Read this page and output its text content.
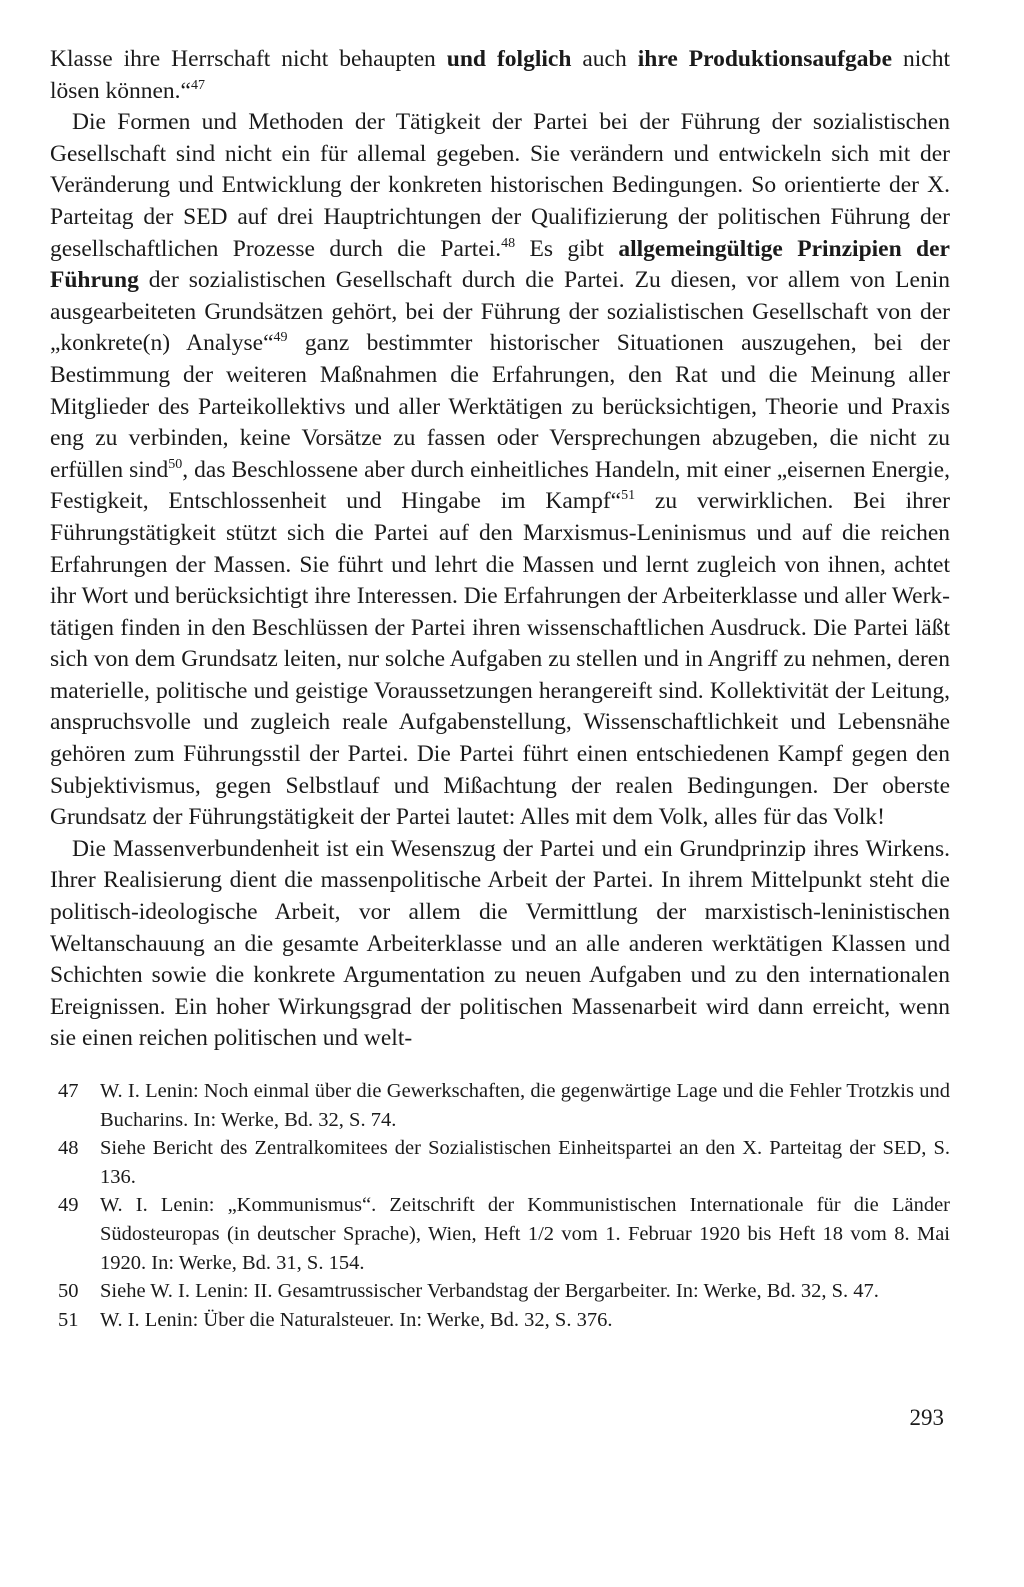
Klasse ihre Herrschaft nicht behaupten und folglich auch ihre Produktionsaufgabe nicht lösen können.“$^{47}$

Die Formen und Methoden der Tätigkeit der Partei bei der Führung der sozialistischen Gesellschaft sind nicht ein für allemal gegeben. Sie verändern und entwickeln sich mit der Veränderung und Entwicklung der konkreten historischen Bedingungen. So orientierte der X. Parteitag der SED auf drei Hauptrichtungen der Qualifizierung der politischen Führung der gesellschaftlichen Prozesse durch die Partei.$^{48}$ Es gibt allgemeingültige Prinzipien der Führung der sozialistischen Gesellschaft durch die Partei. Zu diesen, vor allem von Lenin ausgearbeiteten Grundsätzen gehört, bei der Führung der sozialistischen Gesellschaft von der „konkrete(n) Analyse“$^{49}$ ganz bestimmter historischer Situationen auszugehen, bei der Bestimmung der weiteren Maßnahmen die Erfahrungen, den Rat und die Meinung aller Mitglieder des Parteikollektivs und aller Werktätigen zu berücksichtigen, Theorie und Praxis eng zu verbinden, keine Vorsätze zu fassen oder Versprechungen abzugeben, die nicht zu erfüllen sind$^{50}$, das Beschlossene aber durch einheitliches Handeln, mit einer „eisernen Energie, Festigkeit, Entschlossenheit und Hingabe im Kampf“$^{51}$ zu verwirklichen. Bei ihrer Führungstätigkeit stützt sich die Partei auf den Marxismus-Leninismus und auf die reichen Erfahrungen der Massen. Sie führt und lehrt die Massen und lernt zugleich von ihnen, achtet ihr Wort und berücksichtigt ihre Interessen. Die Erfahrungen der Arbeiterklasse und aller Werktätigen finden in den Beschlüssen der Partei ihren wissenschaftlichen Ausdruck. Die Partei läßt sich von dem Grundsatz leiten, nur solche Aufgaben zu stellen und in Angriff zu nehmen, deren materielle, politische und geistige Voraussetzungen herangereift sind. Kollektivität der Leitung, anspruchsvolle und zugleich reale Aufgabenstellung, Wissenschaftlichkeit und Lebensnähe gehören zum Führungsstil der Partei. Die Partei führt einen entschiedenen Kampf gegen den Subjektivismus, gegen Selbstlauf und Mißachtung der realen Bedingungen. Der oberste Grundsatz der Führungstätigkeit der Partei lautet: Alles mit dem Volk, alles für das Volk!

Die Massenverbundenheit ist ein Wesenszug der Partei und ein Grundprinzip ihres Wirkens. Ihrer Realisierung dient die massenpolitische Arbeit der Partei. In ihrem Mittelpunkt steht die politisch-ideologische Arbeit, vor allem die Vermittlung der marxistisch-leninistischen Weltanschauung an die gesamte Arbeiterklasse und an alle anderen werktätigen Klassen und Schichten sowie die konkrete Argumentation zu neuen Aufgaben und zu den internationalen Ereignissen. Ein hoher Wirkungsgrad der politischen Massenarbeit wird dann erreicht, wenn sie einen reichen politischen und welt-

47 W. I. Lenin: Noch einmal über die Gewerkschaften, die gegenwärtige Lage und die Fehler Trotzkis und Bucharins. In: Werke, Bd. 32, S. 74.
48 Siehe Bericht des Zentralkomitees der Sozialistischen Einheitspartei an den X. Parteitag der SED, S. 136.
49 W. I. Lenin: „Kommunismus“. Zeitschrift der Kommunistischen Internationale für die Länder Südosteuropas (in deutscher Sprache), Wien, Heft 1/2 vom 1. Februar 1920 bis Heft 18 vom 8. Mai 1920. In: Werke, Bd. 31, S. 154.
50 Siehe W. I. Lenin: II. Gesamtrussischer Verbandstag der Bergarbeiter. In: Werke, Bd. 32, S. 47.
51 W. I. Lenin: Über die Naturalsteuer. In: Werke, Bd. 32, S. 376.
293
